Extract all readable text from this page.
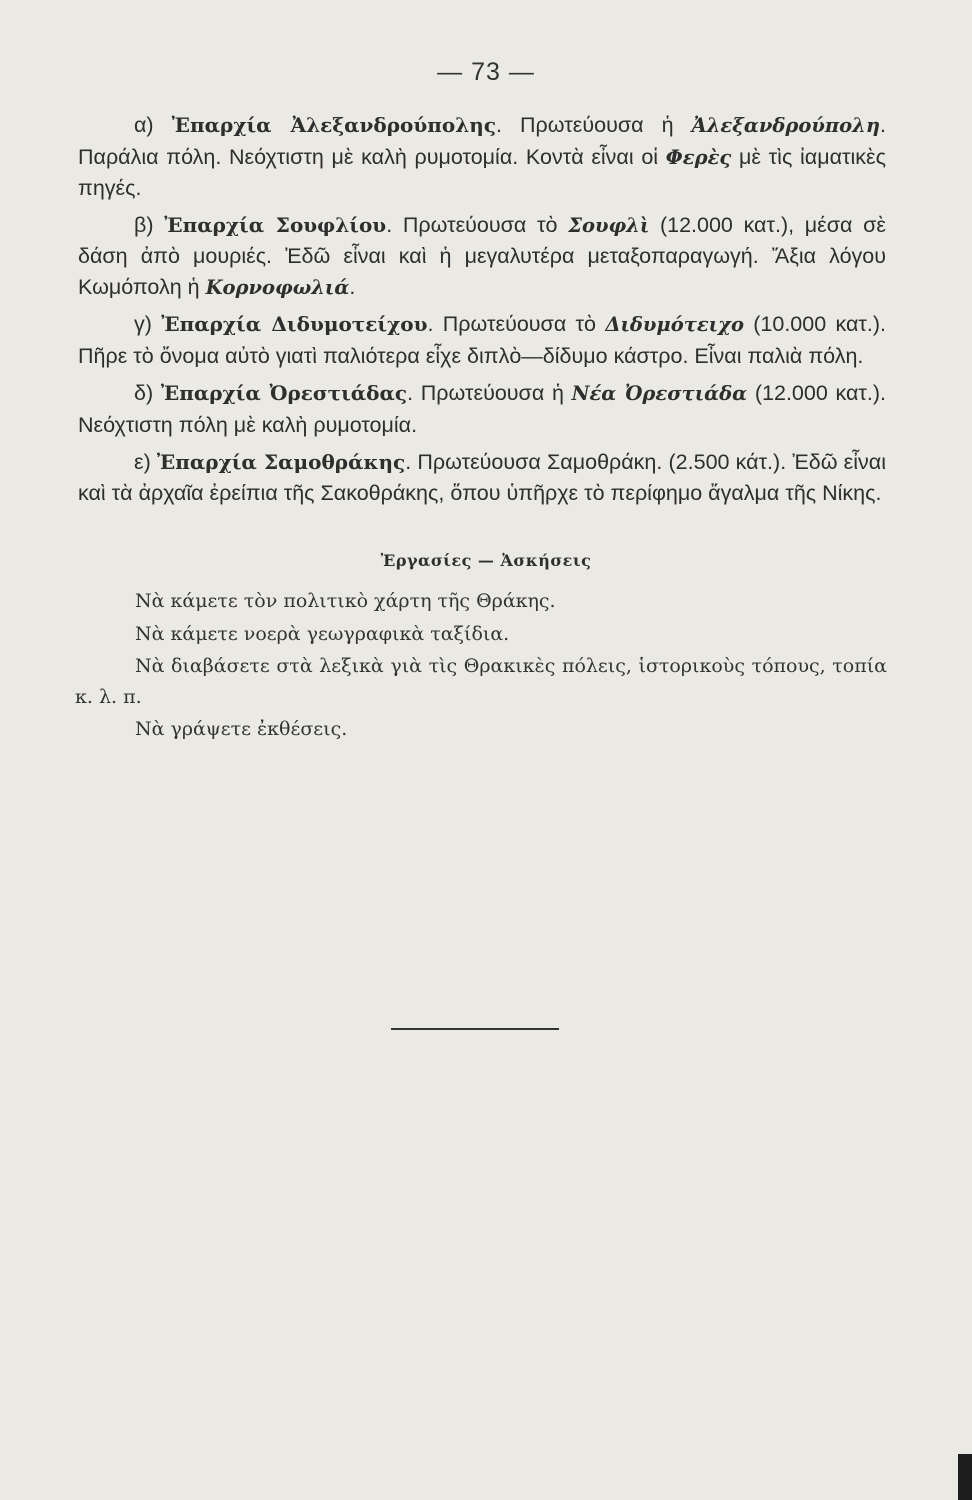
— 73 —

α) Ἐπαρχία Ἀλεξανδρούπολης. Πρωτεύουσα ἡ Ἀλεξανδρούπολη. Παράλια πόλη. Νεόχτιστη μὲ καλὴ ρυμοτομία. Κοντὰ εἶναι οἱ Φερὲς μὲ τὶς ἰαματικὲς πηγές.

β) Ἐπαρχία Σουφλίου. Πρωτεύουσα τὸ Σουφλὶ (12.000 κατ.), μέσα σὲ δάση ἀπὸ μουριές. Ἐδῶ εἶναι καὶ ἡ μεγαλυτέρα μεταξοπαραγωγή. Ἄξια λόγου Κωμόπολη ἡ Κορνοφωλιά.

γ) Ἐπαρχία Διδυμοτείχου. Πρωτεύουσα τὸ Διδυμότειχο (10.000 κατ.). Πῆρε τὸ ὄνομα αὐτὸ γιατὶ παλιότερα εἶχε διπλὸ—δίδυμο κάστρο. Εἶναι παλιὰ πόλη.

δ) Ἐπαρχία Ὀρεστιάδας. Πρωτεύουσα ἡ Νέα Ὀρεστιάδα (12.000 κατ.). Νεόχτιστη πόλη μὲ καλὴ ρυμοτομία.

ε) Ἐπαρχία Σαμοθράκης. Πρωτεύουσα Σαμοθράκη. (2.500 κάτ.). Ἐδῶ εἶναι καὶ τὰ ἀρχαῖα ἐρείπια τῆς Σακοθράκης, ὅπου ὑπῆρχε τὸ περίφημο ἄγαλμα τῆς Νίκης.

Ἐργασίες — Ἀσκήσεις

Νὰ κάμετε τὸν πολιτικὸ χάρτη τῆς Θράκης.

Νὰ κάμετε νοερὰ γεωγραφικὰ ταξίδια.

Νὰ διαβάσετε στὰ λεξικὰ γιὰ τὶς Θρακικὲς πόλεις, ἱστορικοὺς τόπους, τοπία κ. λ. π.

Νὰ γράψετε ἐκθέσεις.
